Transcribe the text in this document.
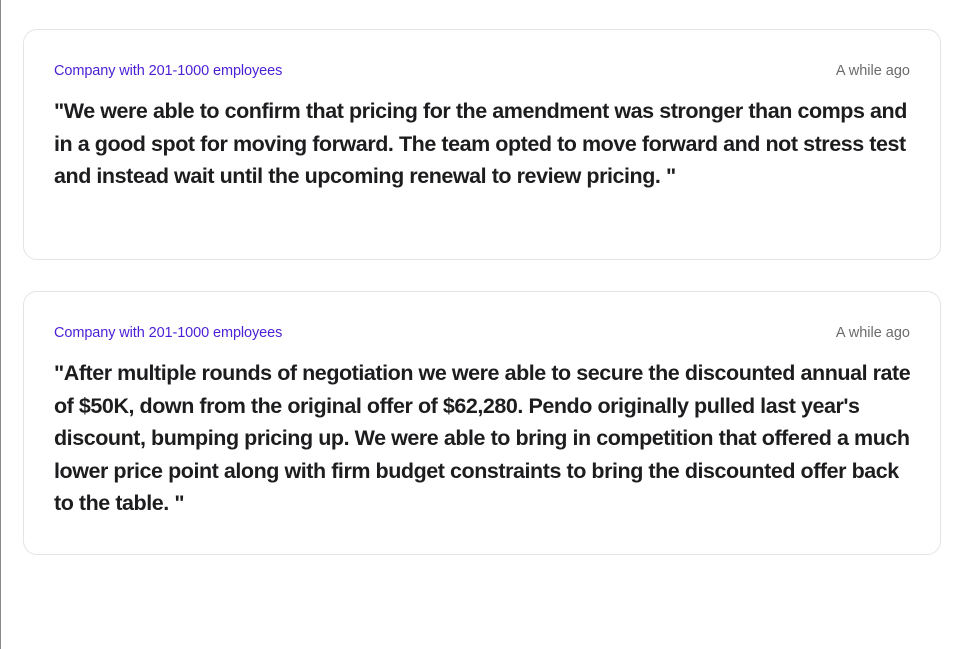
Company with 201-1000 employees	A while ago
"We were able to confirm that pricing for the amendment was stronger than comps and in a good spot for moving forward. The team opted to move forward and not stress test and instead wait until the upcoming renewal to review pricing. "
Company with 201-1000 employees	A while ago
"After multiple rounds of negotiation we were able to secure the discounted annual rate of $50K, down from the original offer of $62,280. Pendo originally pulled last year's discount, bumping pricing up. We were able to bring in competition that offered a much lower price point along with firm budget constraints to bring the discounted offer back to the table. "
